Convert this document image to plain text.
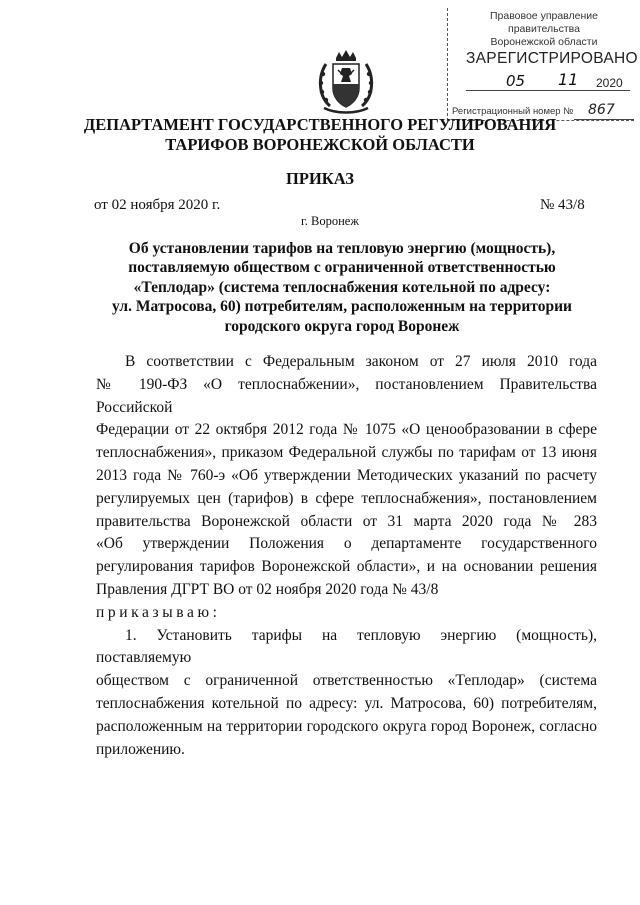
Правовое управление правительства
Воронежской области
ЗАРЕГИСТРИРОВАНО
05 11 2020
Регистрационный номер № 867
ДЕПАРТАМЕНТ ГОСУДАРСТВЕННОГО РЕГУЛИРОВАНИЯ
ТАРИФОВ ВОРОНЕЖСКОЙ ОБЛАСТИ
ПРИКАЗ
от 02 ноября 2020 г.	№ 43/8
г. Воронеж
Об установлении тарифов на тепловую энергию (мощность),
поставляемую обществом с ограниченной ответственностью
«Теплодар» (система теплоснабжения котельной по адресу:
ул. Матросова, 60) потребителям, расположенным на территории
городского округа город Воронеж
В соответствии с Федеральным законом от 27 июля 2010 года
№ 190-ФЗ «О теплоснабжении», постановлением Правительства Российской
Федерации от 22 октября 2012 года № 1075 «О ценообразовании в сфере
теплоснабжения», приказом Федеральной службы по тарифам от 13 июня
2013 года № 760-э «Об утверждении Методических указаний по расчету
регулируемых цен (тарифов) в сфере теплоснабжения», постановлением
правительства Воронежской области от 31 марта 2020 года № 283
«Об утверждении Положения о департаменте государственного
регулирования тарифов Воронежской области», и на основании решения
Правления ДГРТ ВО от 02 ноября 2020 года № 43/8
приказываю:
1. Установить тарифы на тепловую энергию (мощность), поставляемую
обществом с ограниченной ответственностью «Теплодар» (система
теплоснабжения котельной по адресу: ул. Матросова, 60) потребителям,
расположенным на территории городского округа город Воронеж, согласно
приложению.
